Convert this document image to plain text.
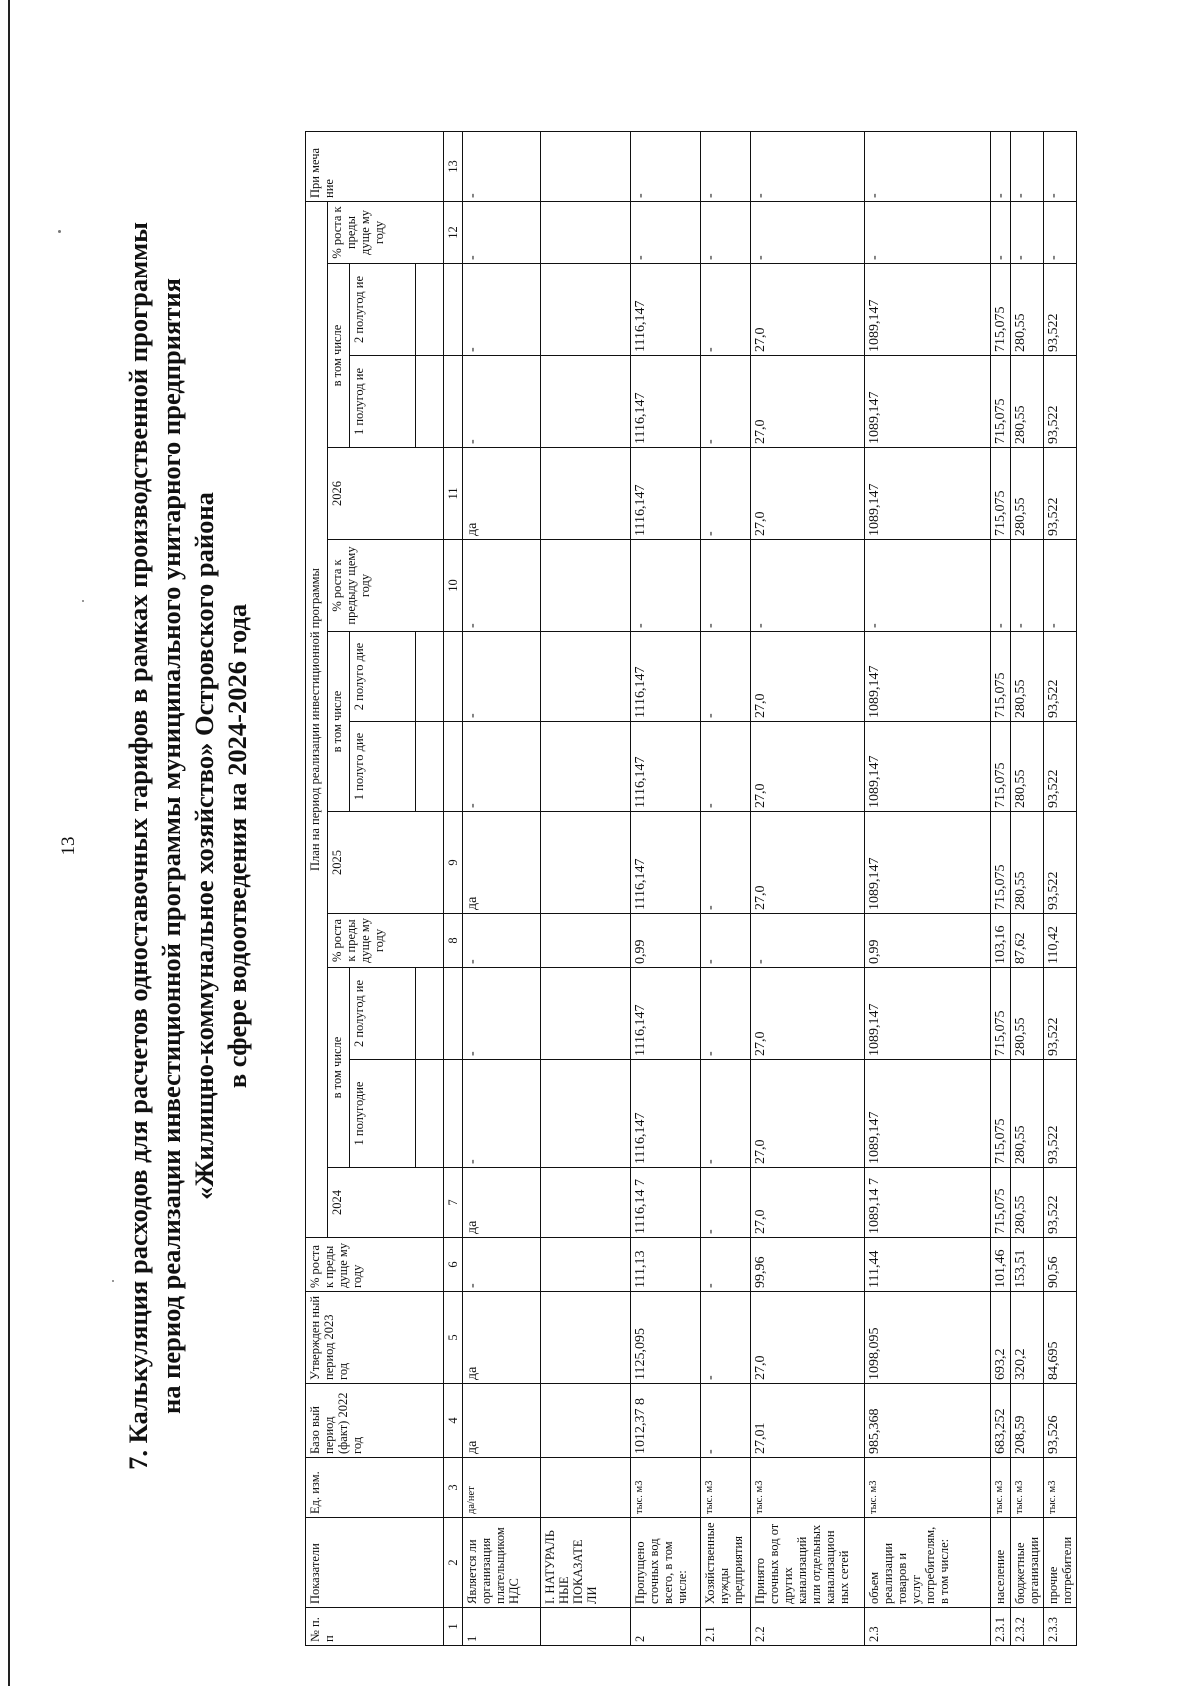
13 7. Калькуляция расходов для расчетов одноставочных тарифов в рамках производственной программы на период реализации инвестиционной программы муниципального унитарного предприятия «Жилищно-коммунальное хозяйство» Островского района в сфере водоотведения на 2024-2026 года
№ п. п	Показатели	Ед. изм.	Базо вый период (факт) 2022 год	Утвержден ный период 2023 год	% роста к преды дуще му году	План на период реализации инвестиционной программы												При меча ние
						2024	в том числе		% роста к преды дуще му году	2025	в том числе		% роста к предыду щему году	2026	в том числе		% роста к преды дуще му году	
							1 полугодие	2 полугод ие			1 полуго дие	2 полуго дие			1 полугод ие	2 полугод ие		

1	2	3	4	5	6	7			8	9			10	11			12	13
1	Является ли организация плательщиком НДС	да/нет	да	да	-	да	-	-	-	да	-	-	-	да	-	-	-	-
	I. НАТУРАЛЬ НЫЕ ПОКАЗАТЕ ЛИ																	
2	Пропущено сточных вод всего, в том числе:	тыс. м3	1012,37 8	1125,095	111,13	1116,14 7	1116,147	1116,147	0,99	1116,147	1116,147	1116,147	-	1116,147	1116,147	1116,147	-	-
2.1	Хозяйственные нужды предприятия	тыс. м3	-	-	-	-	-	-	-	-	-	-	-	-	-	-	-	-
2.2	Принято сточных вод от других канализаций или отдельных канализацион ных сетей	тыс. м3	27,01	27,0	99,96	27,0	27,0	27,0	-	27,0	27,0	27,0	-	27,0	27,0	27,0	-	-
2.3	объем реализации товаров и услуг потребителям, в том числе:	тыс. м3	985,368	1098,095	111,44	1089,14 7	1089,147	1089,147	0,99	1089,147	1089,147	1089,147	-	1089,147	1089,147	1089,147	-	-
2.3.1	население	тыс. м3	683,252	693,2	101,46	715,075	715,075	715,075	103,16	715,075	715,075	715,075	-	715,075	715,075	715,075	-	-
2.3.2	бюджетные организации	тыс. м3	208,59	320,2	153,51	280,55	280,55	280,55	87,62	280,55	280,55	280,55	-	280,55	280,55	280,55	-	-
2.3.3	прочие потребители	тыс. м3	93,526	84,695	90,56	93,522	93,522	93,522	110,42	93,522	93,522	93,522	-	93,522	93,522	93,522	-	-
